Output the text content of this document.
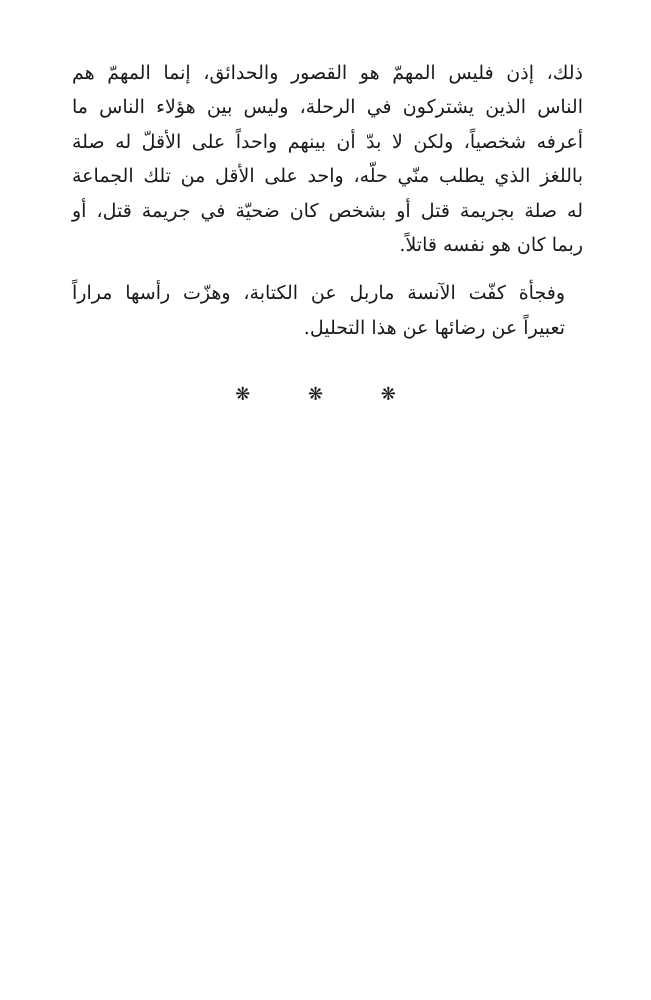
ذلك، إذن فليس المهمّ هو القصور والحدائق، إنما المهمّ هم
الناس الذين يشتركون في الرحلة، وليس بين هؤلاء الناس ما
أعرفه شخصياً، ولكن لا بدّ أن بينهم واحداً على الأقلّ له صلة
باللغز الذي يطلب منّي حلّه، واحد على الأقل من تلك الجماعة
له صلة بجريمة قتل أو بشخص كان ضحيّة في جريمة قتل، أو
ربما كان هو نفسه قاتلاً.

وفجأة كفّت الآنسة ماربل عن الكتابة، وهزّت رأسها مراراً
تعبيراً عن رضائها عن هذا التحليل.

❋ ❋ ❋
